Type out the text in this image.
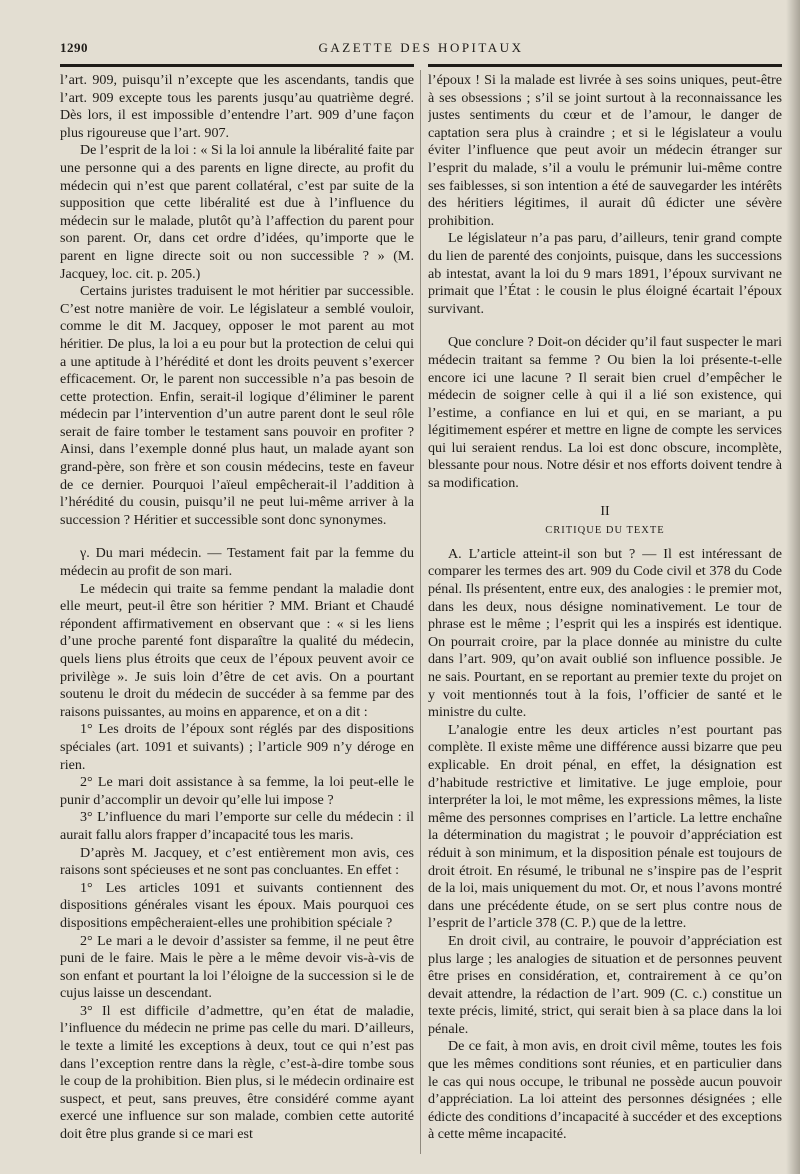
1290	GAZETTE DES HOPITAUX

l’art. 909, puisqu’il n’excepte que les ascendants, tandis que l’art. 909 excepte tous les parents jusqu’au quatrième degré. Dès lors, il est impossible d’entendre l’art. 909 d’une façon plus rigoureuse que l’art. 907.

De l’esprit de la loi : « Si la loi annule la libéralité faite par une personne qui a des parents en ligne directe, au profit du médecin qui n’est que parent collatéral, c’est par suite de la supposition que cette libéralité est due à l’influence du médecin sur le malade, plutôt qu’à l’affection du parent pour son parent. Or, dans cet ordre d’idées, qu’importe que le parent en ligne directe soit ou non successible ? » (M. Jacquey, loc. cit. p. 205.)

Certains juristes traduisent le mot héritier par successible. C’est notre manière de voir. Le législateur a semblé vouloir, comme le dit M. Jacquey, opposer le mot parent au mot héritier. De plus, la loi a eu pour but la protection de celui qui a une aptitude à l’hérédité et dont les droits peuvent s’exercer efficacement. Or, le parent non successible n’a pas besoin de cette protection. Enfin, serait-il logique d’éliminer le parent médecin par l’intervention d’un autre parent dont le seul rôle serait de faire tomber le testament sans pouvoir en profiter ? Ainsi, dans l’exemple donné plus haut, un malade ayant son grand-père, son frère et son cousin médecins, teste en faveur de ce dernier. Pourquoi l’aïeul empêcherait-il l’addition à l’hérédité du cousin, puisqu’il ne peut lui-même arriver à la succession ? Héritier et successible sont donc synonymes.

γ. Du mari médecin. — Testament fait par la femme du médecin au profit de son mari.

Le médecin qui traite sa femme pendant la maladie dont elle meurt, peut-il être son héritier ? MM. Briant et Chaudé répondent affirmativement en observant que : « si les liens d’une proche parenté font disparaître la qualité du médecin, quels liens plus étroits que ceux de l’époux peuvent avoir ce privilège ». Je suis loin d’être de cet avis. On a pourtant soutenu le droit du médecin de succéder à sa femme par des raisons puissantes, au moins en apparence, et on a dit :

1° Les droits de l’époux sont réglés par des dispositions spéciales (art. 1091 et suivants) ; l’article 909 n’y déroge en rien.

2° Le mari doit assistance à sa femme, la loi peut-elle le punir d’accomplir un devoir qu’elle lui impose ?

3° L’influence du mari l’emporte sur celle du médecin : il aurait fallu alors frapper d’incapacité tous les maris.

D’après M. Jacquey, et c’est entièrement mon avis, ces raisons sont spécieuses et ne sont pas concluantes. En effet :

1° Les articles 1091 et suivants contiennent des dispositions générales visant les époux. Mais pourquoi ces dispositions empêcheraient-elles une prohibition spéciale ?

2° Le mari a le devoir d’assister sa femme, il ne peut être puni de le faire. Mais le père a le même devoir vis-à-vis de son enfant et pourtant la loi l’éloigne de la succession si le de cujus laisse un descendant.

3° Il est difficile d’admettre, qu’en état de maladie, l’influence du médecin ne prime pas celle du mari. D’ailleurs, le texte a limité les exceptions à deux, tout ce qui n’est pas dans l’exception rentre dans la règle, c’est-à-dire tombe sous le coup de la prohibition. Bien plus, si le médecin ordinaire est suspect, et peut, sans preuves, être considéré comme ayant exercé une influence sur son malade, combien cette autorité doit être plus grande si ce mari est

l’époux ! Si la malade est livrée à ses soins uniques, peut-être à ses obsessions ; s’il se joint surtout à la reconnaissance les justes sentiments du cœur et de l’amour, le danger de captation sera plus à craindre ; et si le législateur a voulu éviter l’influence que peut avoir un médecin étranger sur l’esprit du malade, s’il a voulu le prémunir lui-même contre ses faiblesses, si son intention a été de sauvegarder les intérêts des héritiers légitimes, il aurait dû édicter une sévère prohibition.

Le législateur n’a pas paru, d’ailleurs, tenir grand compte du lien de parenté des conjoints, puisque, dans les successions ab intestat, avant la loi du 9 mars 1891, l’époux survivant ne primait que l’État : le cousin le plus éloigné écartait l’époux survivant.

Que conclure ? Doit-on décider qu’il faut suspecter le mari médecin traitant sa femme ? Ou bien la loi présente-t-elle encore ici une lacune ? Il serait bien cruel d’empêcher le médecin de soigner celle à qui il a lié son existence, qui l’estime, a confiance en lui et qui, en se mariant, a pu légitimement espérer et mettre en ligne de compte les services qui lui seraient rendus. La loi est donc obscure, incomplète, blessante pour nous. Notre désir et nos efforts doivent tendre à sa modification.

II
CRITIQUE DU TEXTE

A. L’article atteint-il son but ? — Il est intéressant de comparer les termes des art. 909 du Code civil et 378 du Code pénal. Ils présentent, entre eux, des analogies : le premier mot, dans les deux, nous désigne nominativement. Le tour de phrase est le même ; l’esprit qui les a inspirés est identique. On pourrait croire, par la place donnée au ministre du culte dans l’art. 909, qu’on avait oublié son influence possible. Je ne sais. Pourtant, en se reportant au premier texte du projet on y voit mentionnés tout à la fois, l’officier de santé et le ministre du culte.

L’analogie entre les deux articles n’est pourtant pas complète. Il existe même une différence aussi bizarre que peu explicable. En droit pénal, en effet, la désignation est d’habitude restrictive et limitative. Le juge emploie, pour interpréter la loi, le mot même, les expressions mêmes, la liste même des personnes comprises en l’article. La lettre enchaîne la détermination du magistrat ; le pouvoir d’appréciation est réduit à son minimum, et la disposition pénale est toujours de droit étroit. En résumé, le tribunal ne s’inspire pas de l’esprit de la loi, mais uniquement du mot. Or, et nous l’avons montré dans une précédente étude, on se sert plus contre nous de l’esprit de l’article 378 (C. P.) que de la lettre.

En droit civil, au contraire, le pouvoir d’appréciation est plus large ; les analogies de situation et de personnes peuvent être prises en considération, et, contrairement à ce qu’on devait attendre, la rédaction de l’art. 909 (C. c.) constitue un texte précis, limité, strict, qui serait bien à sa place dans la loi pénale.

De ce fait, à mon avis, en droit civil même, toutes les fois que les mêmes conditions sont réunies, et en particulier dans le cas qui nous occupe, le tribunal ne possède aucun pouvoir d’appréciation. La loi atteint des personnes désignées ; elle édicte des conditions d’incapacité à succéder et des exceptions à cette même incapacité.
